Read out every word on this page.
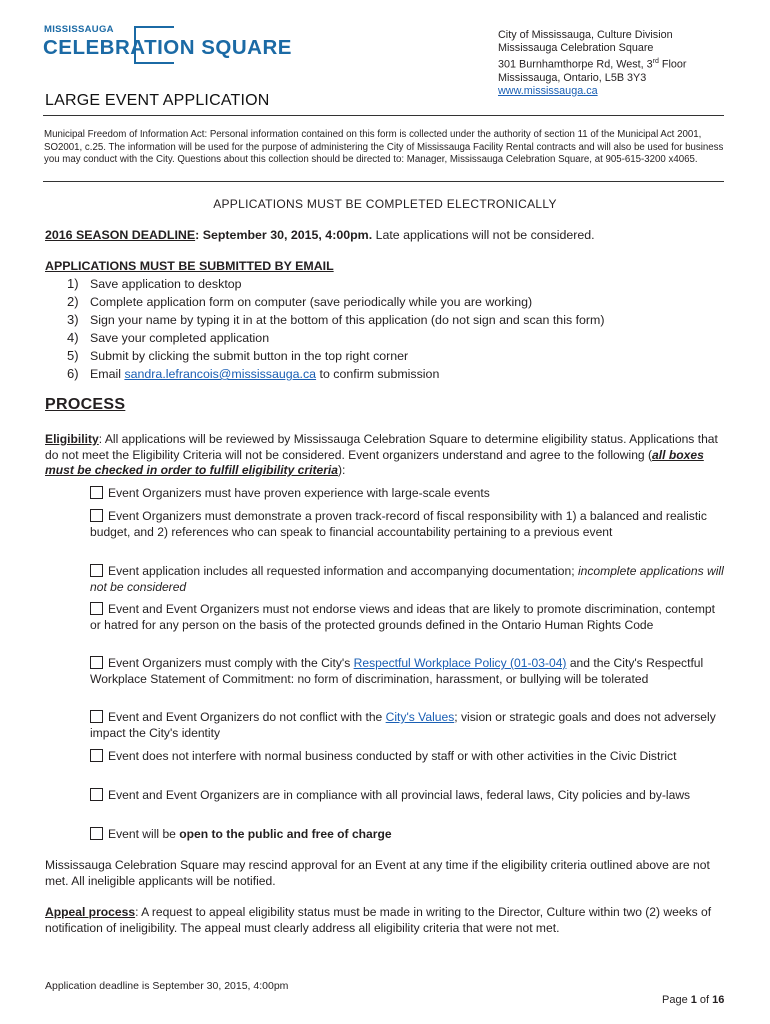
MISSISSAUGA
CELEBRATION SQUARE
City of Mississauga, Culture Division
Mississauga Celebration Square
301 Burnhamthorpe Rd, West, 3rd Floor
Mississauga, Ontario, L5B 3Y3
www.mississauga.ca
LARGE EVENT APPLICATION
Municipal Freedom of Information Act: Personal information contained on this form is collected under the authority of section 11 of the Municipal Act 2001, SO2001, c.25. The information will be used for the purpose of administering the City of Mississauga Facility Rental contracts and will also be used for business you may conduct with the City. Questions about this collection should be directed to: Manager, Mississauga Celebration Square, at 905-615-3200 x4065.
APPLICATIONS MUST BE COMPLETED ELECTRONICALLY
2016 SEASON DEADLINE: September 30, 2015, 4:00pm. Late applications will not be considered.
APPLICATIONS MUST BE SUBMITTED BY EMAIL
1) Save application to desktop
2) Complete application form on computer (save periodically while you are working)
3) Sign your name by typing it in at the bottom of this application (do not sign and scan this form)
4) Save your completed application
5) Submit by clicking the submit button in the top right corner
6) Email sandra.lefrancois@mississauga.ca to confirm submission
PROCESS
Eligibility: All applications will be reviewed by Mississauga Celebration Square to determine eligibility status. Applications that do not meet the Eligibility Criteria will not be considered. Event organizers understand and agree to the following (all boxes must be checked in order to fulfill eligibility criteria):
Event Organizers must have proven experience with large-scale events
Event Organizers must demonstrate a proven track-record of fiscal responsibility with 1) a balanced and realistic budget, and 2) references who can speak to financial accountability pertaining to a previous event
Event application includes all requested information and accompanying documentation; incomplete applications will not be considered
Event and Event Organizers must not endorse views and ideas that are likely to promote discrimination, contempt or hatred for any person on the basis of the protected grounds defined in the Ontario Human Rights Code
Event Organizers must comply with the City's Respectful Workplace Policy (01-03-04) and the City's Respectful Workplace Statement of Commitment: no form of discrimination, harassment, or bullying will be tolerated
Event and Event Organizers do not conflict with the City's Values; vision or strategic goals and does not adversely impact the City's identity
Event does not interfere with normal business conducted by staff or with other activities in the Civic District
Event and Event Organizers are in compliance with all provincial laws, federal laws, City policies and by-laws
Event will be open to the public and free of charge
Mississauga Celebration Square may rescind approval for an Event at any time if the eligibility criteria outlined above are not met. All ineligible applicants will be notified.
Appeal process: A request to appeal eligibility status must be made in writing to the Director, Culture within two (2) weeks of notification of ineligibility. The appeal must clearly address all eligibility criteria that were not met.
Application deadline is September 30, 2015, 4:00pm
Page 1 of 16
